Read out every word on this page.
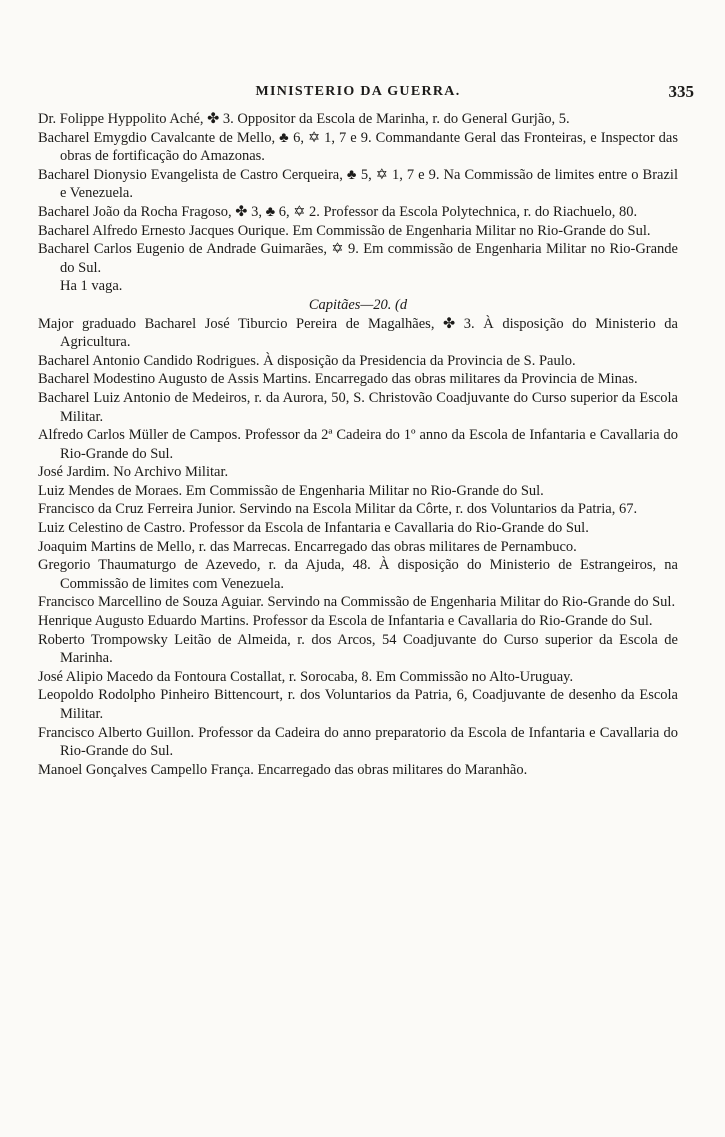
MINISTERIO DA GUERRA.	335

Dr. Folippe Hyppolito Aché, ✤ 3. Oppositor da Escola de Marinha, r. do General Gurjão, 5.

Bacharel Emygdio Cavalcante de Mello, ♣ 6, ✡ 1, 7 e 9. Commandante Geral das Fronteiras, e Inspector das obras de fortificação do Amazonas.

Bacharel Dionysio Evangelista de Castro Cerqueira, ♣ 5, ✡ 1, 7 e 9. Na Commissão de limites entre o Brazil e Venezuela.

Bacharel João da Rocha Fragoso, ✤ 3, ♣ 6, ✡ 2. Professor da Escola Polytechnica, r. do Riachuelo, 80.

Bacharel Alfredo Ernesto Jacques Ourique. Em Commissão de Engenharia Militar no Rio-Grande do Sul.

Bacharel Carlos Eugenio de Andrade Guimarães, ✡ 9. Em commissão de Engenharia Militar no Rio-Grande do Sul.

Ha 1 vaga.

Capitães—20. (d

Major graduado Bacharel José Tiburcio Pereira de Magalhães, ✤ 3. À disposição do Ministerio da Agricultura.

Bacharel Antonio Candido Rodrigues. À disposição da Presidencia da Provincia de S. Paulo.

Bacharel Modestino Augusto de Assis Martins. Encarregado das obras militares da Provincia de Minas.

Bacharel Luiz Antonio de Medeiros, r. da Aurora, 50, S. Christovão Coadjuvante do Curso superior da Escola Militar.

Alfredo Carlos Müller de Campos. Professor da 2ª Cadeira do 1º anno da Escola de Infantaria e Cavallaria do Rio-Grande do Sul.

José Jardim. No Archivo Militar.

Luiz Mendes de Moraes. Em Commissão de Engenharia Militar no Rio-Grande do Sul.

Francisco da Cruz Ferreira Junior. Servindo na Escola Militar da Côrte, r. dos Voluntarios da Patria, 67.

Luiz Celestino de Castro. Professor da Escola de Infantaria e Cavallaria do Rio-Grande do Sul.

Joaquim Martins de Mello, r. das Marrecas. Encarregado das obras militares de Pernambuco.

Gregorio Thaumaturgo de Azevedo, r. da Ajuda, 48. À disposição do Ministerio de Estrangeiros, na Commissão de limites com Venezuela.

Francisco Marcellino de Souza Aguiar. Servindo na Commissão de Engenharia Militar do Rio-Grande do Sul.

Henrique Augusto Eduardo Martins. Professor da Escola de Infantaria e Cavallaria do Rio-Grande do Sul.

Roberto Trompowsky Leitão de Almeida, r. dos Arcos, 54 Coadjuvante do Curso superior da Escola de Marinha.

José Alipio Macedo da Fontoura Costallat, r. Sorocaba, 8. Em Commissão no Alto-Uruguay.

Leopoldo Rodolpho Pinheiro Bittencourt, r. dos Voluntarios da Patria, 6, Coadjuvante de desenho da Escola Militar.

Francisco Alberto Guillon. Professor da Cadeira do anno preparatorio da Escola de Infantaria e Cavallaria do Rio-Grande do Sul.

Manoel Gonçalves Campello França. Encarregado das obras militares do Maranhão.
